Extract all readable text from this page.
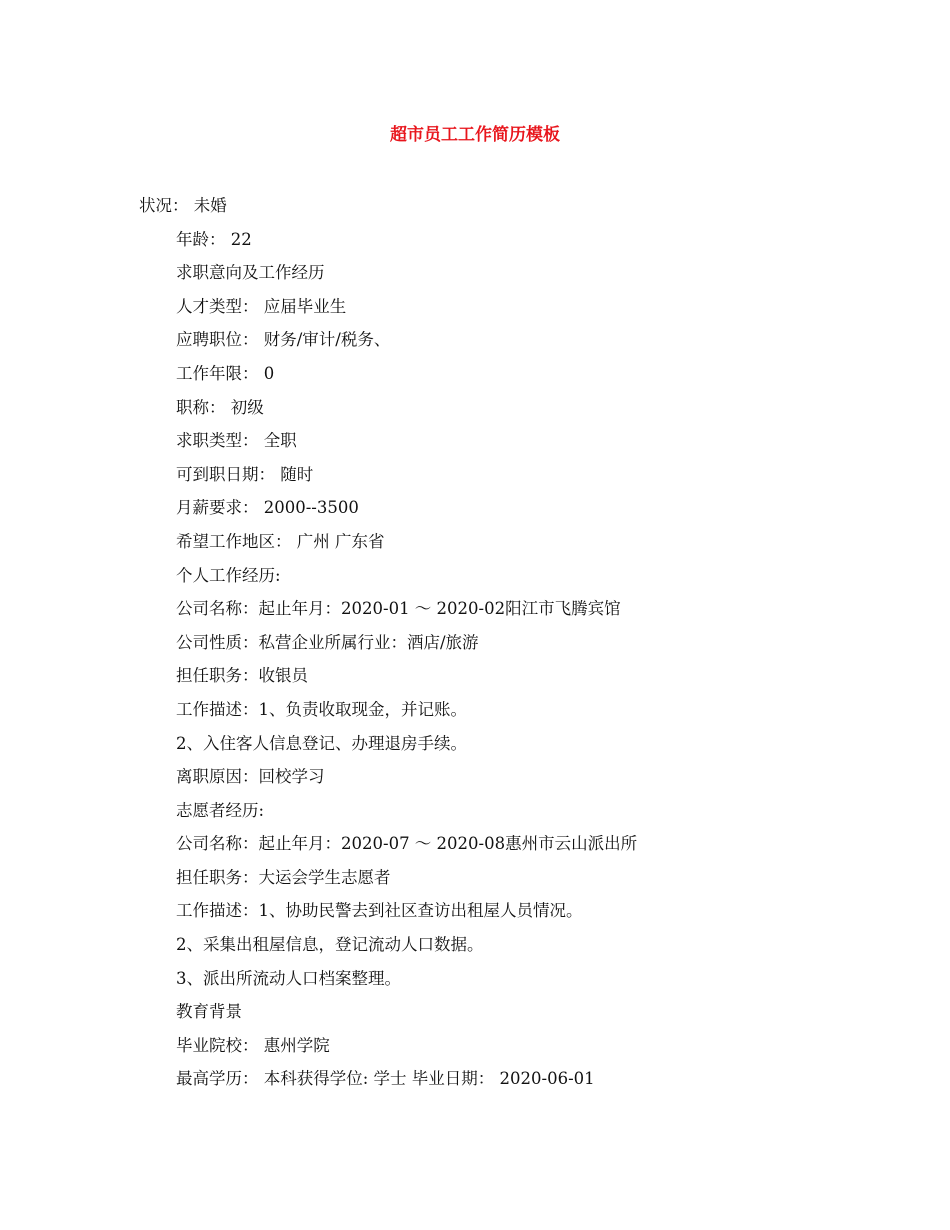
超市员工工作简历模板
状况： 未婚
年龄： 22
求职意向及工作经历
人才类型： 应届毕业生
应聘职位： 财务/审计/税务、
工作年限： 0
职称： 初级
求职类型： 全职
可到职日期： 随时
月薪要求： 2000--3500
希望工作地区： 广州 广东省
个人工作经历:
公司名称：起止年月：2020-01 ～ 2020-02阳江市飞腾宾馆
公司性质：私营企业所属行业：酒店/旅游
担任职务：收银员
工作描述：1、负责收取现金，并记账。
2、入住客人信息登记、办理退房手续。
离职原因：回校学习
志愿者经历:
公司名称：起止年月：2020-07 ～ 2020-08惠州市云山派出所
担任职务：大运会学生志愿者
工作描述：1、协助民警去到社区查访出租屋人员情况。
2、采集出租屋信息，登记流动人口数据。
3、派出所流动人口档案整理。
教育背景
毕业院校： 惠州学院
最高学历： 本科获得学位: 学士 毕业日期： 2020-06-01
